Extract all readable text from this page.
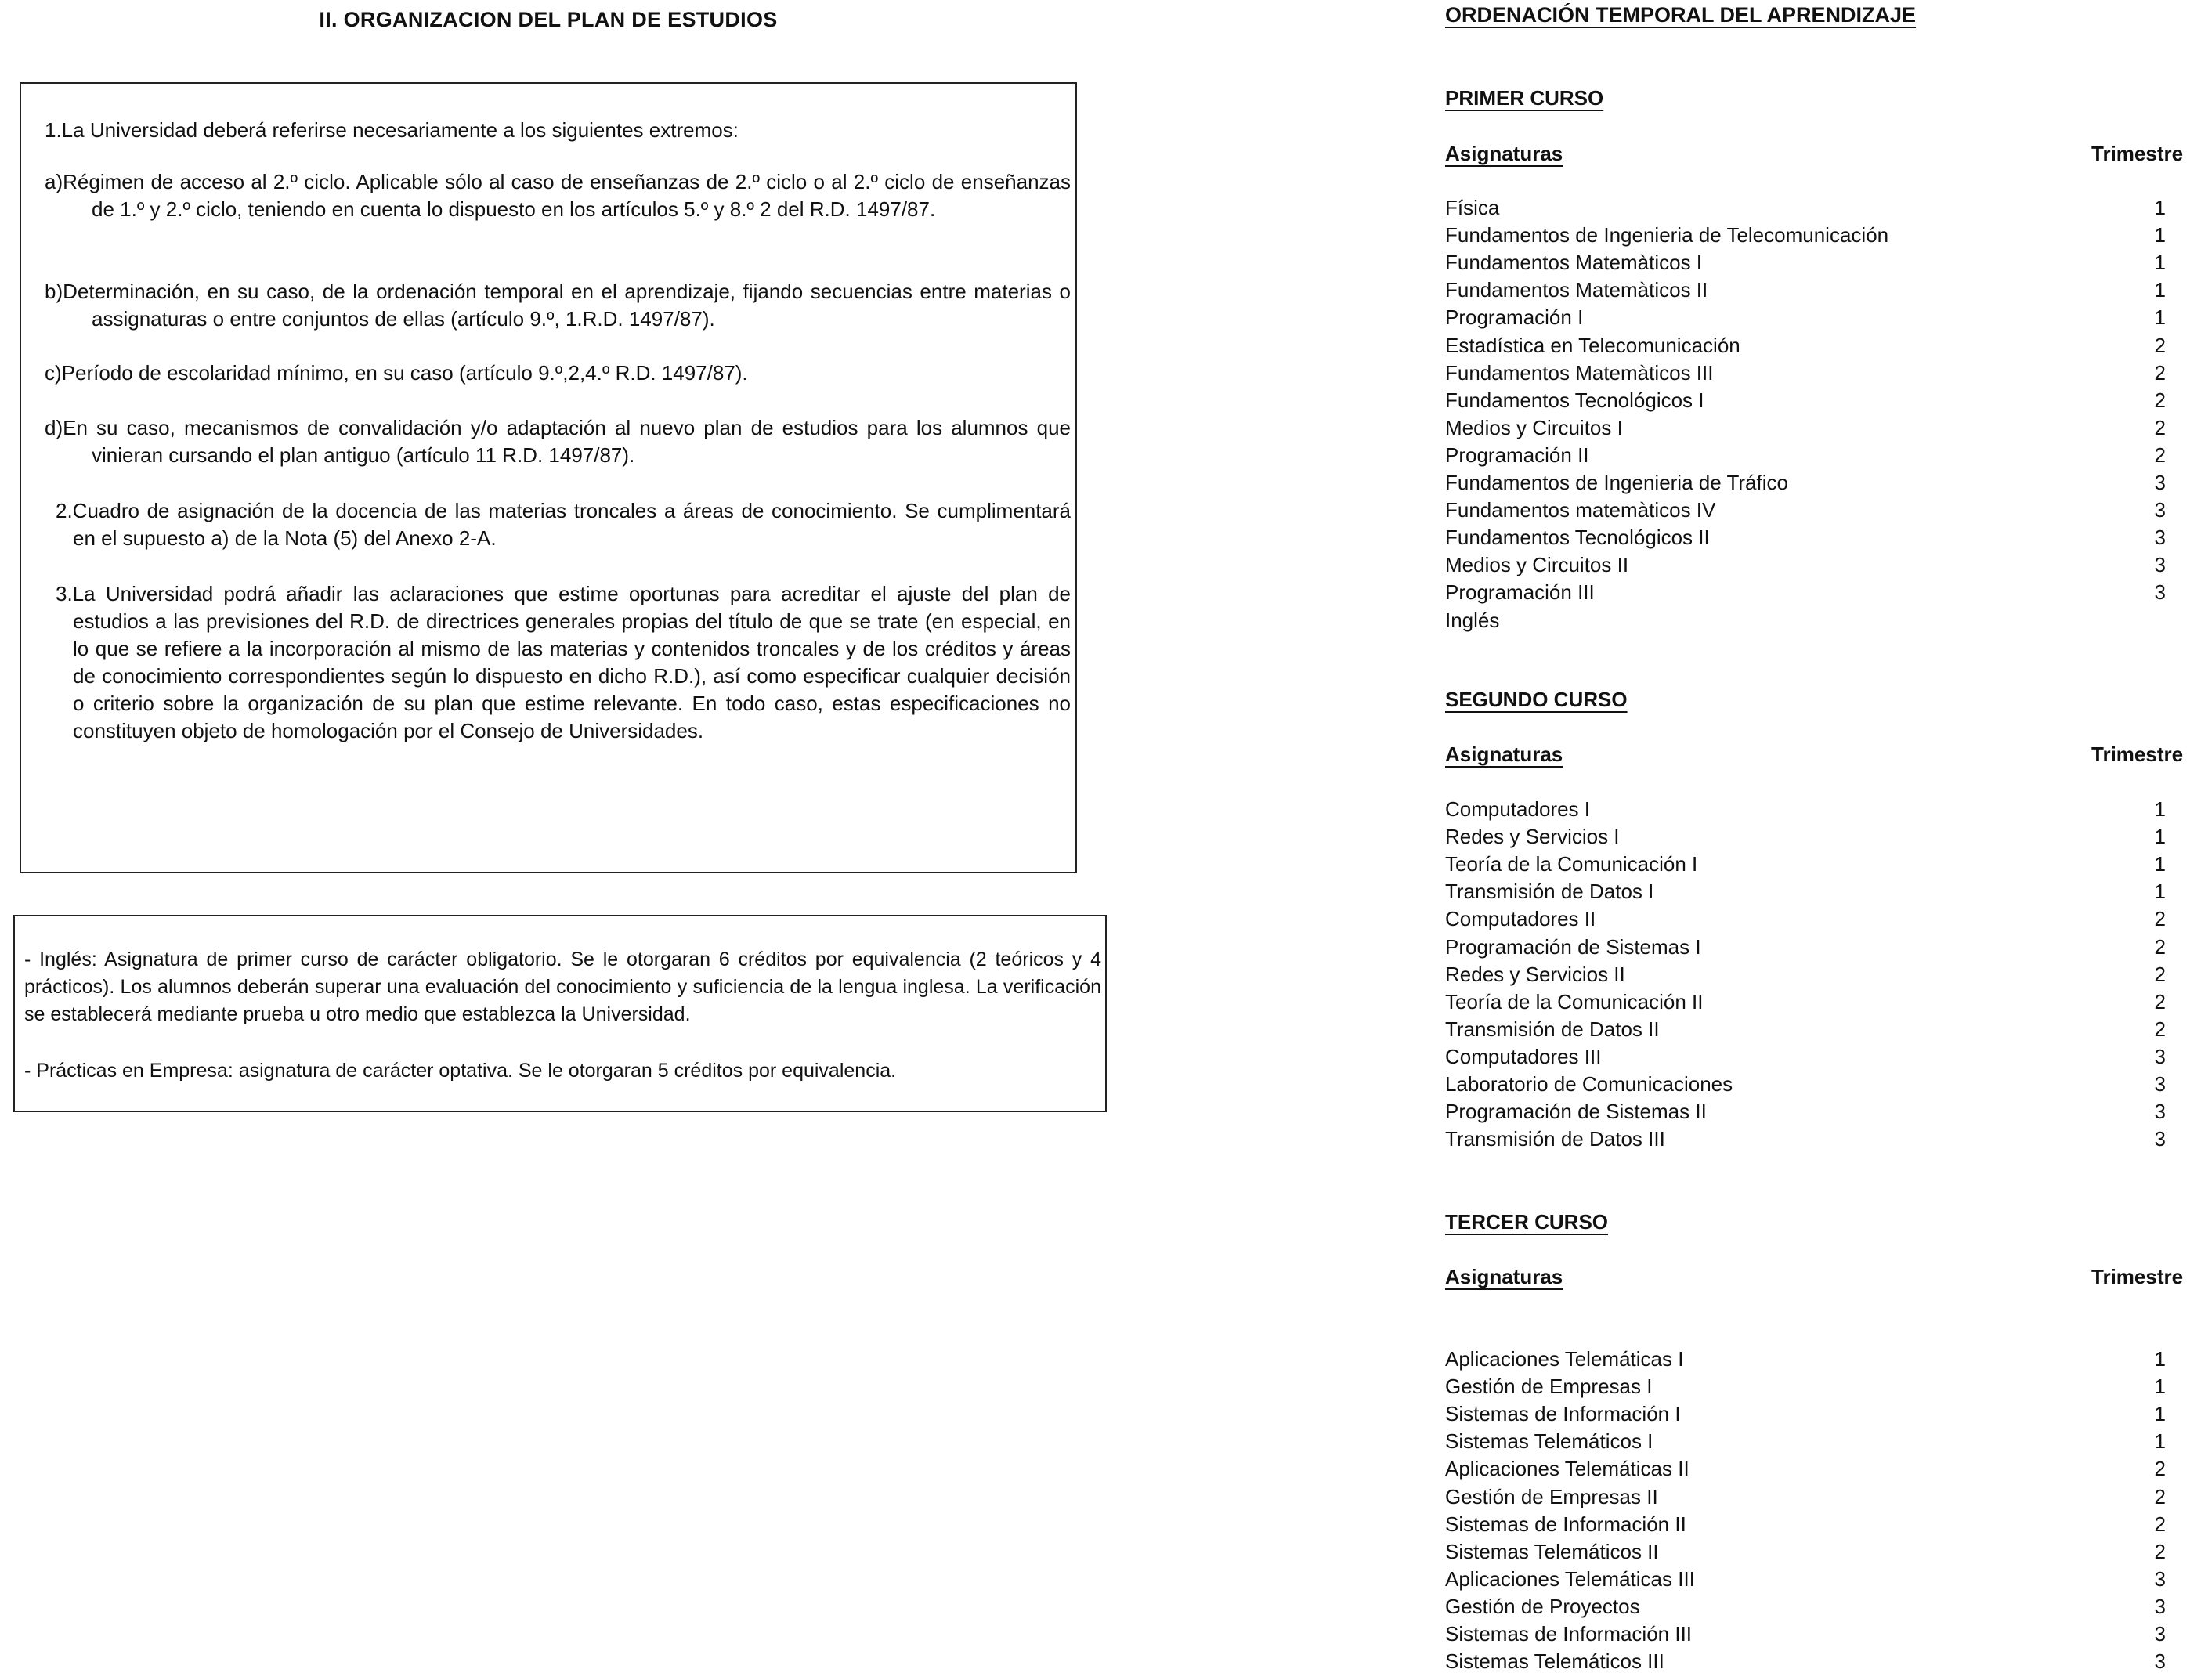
II. ORGANIZACION DEL PLAN DE ESTUDIOS
1.La Universidad deberá referirse necesariamente a los siguientes extremos:
a)Régimen de acceso al 2.º ciclo. Aplicable sólo al caso de enseñanzas de 2.º ciclo o al 2.º ciclo de enseñanzas de 1.º y 2.º ciclo, teniendo en cuenta lo dispuesto en los artículos 5.º y 8.º 2 del R.D. 1497/87.
b)Determinación, en su caso, de la ordenación temporal en el aprendizaje, fijando secuencias entre materias o assignaturas o entre conjuntos de ellas (artículo 9.º, 1.R.D. 1497/87).
c)Período de escolaridad mínimo, en su caso (artículo 9.º,2,4.º R.D. 1497/87).
d)En su caso, mecanismos de convalidación y/o adaptación al nuevo plan de estudios para los alumnos que vinieran cursando el plan antiguo (artículo 11 R.D. 1497/87).
2.Cuadro de asignación de la docencia de las materias troncales a áreas de conocimiento. Se cumplimentará en el supuesto a) de la Nota (5) del Anexo 2-A.
3.La Universidad podrá añadir las aclaraciones que estime oportunas para acreditar el ajuste del plan de estudios a las previsiones del R.D. de directrices generales propias del título de que se trate (en especial, en lo que se refiere a la incorporación al mismo de las materias y contenidos troncales y de los créditos y áreas de conocimiento correspondientes según lo dispuesto en dicho R.D.), así como especificar cualquier decisión o criterio sobre la organización de su plan que estime relevante. En todo caso, estas especificaciones no constituyen objeto de homologación por el Consejo de Universidades.
- Inglés: Asignatura de primer curso de carácter obligatorio. Se le otorgaran 6 créditos por equivalencia (2 teóricos y 4 prácticos). Los alumnos deberán superar una evaluación del conocimiento y suficiencia de la lengua inglesa. La verificación se establecerá mediante prueba u otro medio que establezca la Universidad.
- Prácticas en Empresa: asignatura de carácter optativa. Se le otorgaran 5 créditos por equivalencia.
ORDENACIÓN TEMPORAL DEL APRENDIZAJE
PRIMER CURSO
Asignaturas	Trimestre
Física	1
Fundamentos de Ingenieria de Telecomunicación	1
Fundamentos Matemàticos I	1
Fundamentos Matemàticos II	1
Programación I	1
Estadística en Telecomunicación	2
Fundamentos Matemàticos III	2
Fundamentos Tecnológicos I	2
Medios y Circuitos I	2
Programación II	2
Fundamentos de Ingenieria de Tráfico	3
Fundamentos matemàticos IV	3
Fundamentos Tecnológicos II	3
Medios y Circuitos II	3
Programación III	3
Inglés
SEGUNDO CURSO
Asignaturas	Trimestre
Computadores I	1
Redes y Servicios I	1
Teoría de la Comunicación I	1
Transmisión de Datos I	1
Computadores II	2
Programación de Sistemas I	2
Redes y Servicios II	2
Teoría de la Comunicación II	2
Transmisión de Datos II	2
Computadores III	3
Laboratorio de Comunicaciones	3
Programación de Sistemas II	3
Transmisión de Datos III	3
TERCER CURSO
Asignaturas	Trimestre
Aplicaciones Telemáticas I	1
Gestión de Empresas I	1
Sistemas de Información I	1
Sistemas Telemáticos I	1
Aplicaciones Telemáticas II	2
Gestión de Empresas II	2
Sistemas de Información II	2
Sistemas Telemáticos II	2
Aplicaciones Telemáticas III	3
Gestión de Proyectos	3
Sistemas de Información III	3
Sistemas Telemáticos III	3
